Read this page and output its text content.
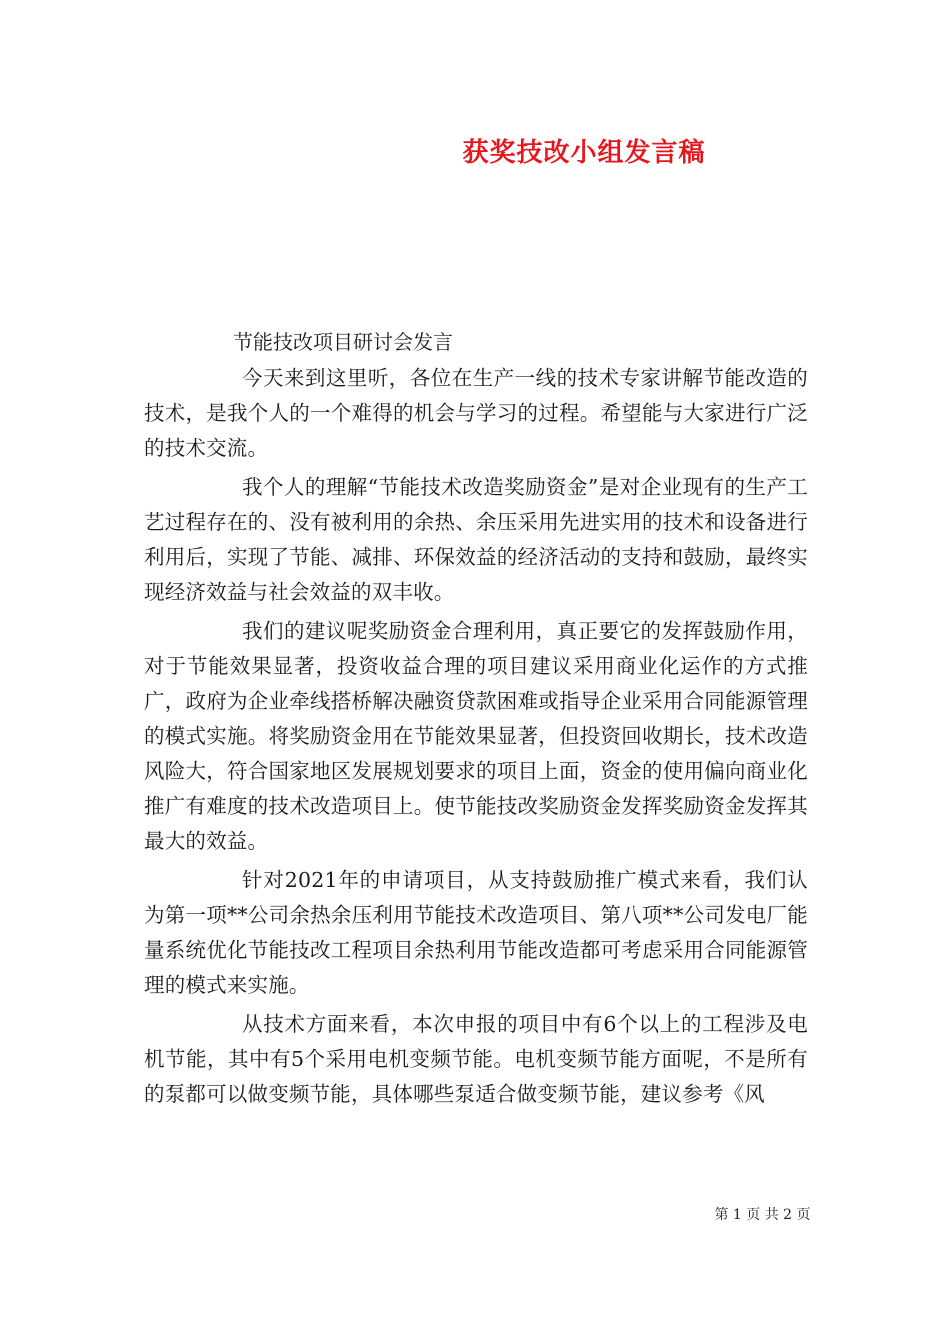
获奖技改小组发言稿

节能技改项目研讨会发言

今天来到这里听，各位在生产一线的技术专家讲解节能改造的技术，是我个人的一个难得的机会与学习的过程。希望能与大家进行广泛的技术交流。

我个人的理解“节能技术改造奖励资金”是对企业现有的生产工艺过程存在的、没有被利用的余热、余压采用先进实用的技术和设备进行利用后，实现了节能、减排、环保效益的经济活动的支持和鼓励，最终实现经济效益与社会效益的双丰收。

我们的建议呢奖励资金合理利用，真正要它的发挥鼓励作用，对于节能效果显著，投资收益合理的项目建议采用商业化运作的方式推广，政府为企业牵线搭桥解决融资贷款困难或指导企业采用合同能源管理的模式实施。将奖励资金用在节能效果显著，但投资回收期长，技术改造风险大，符合国家地区发展规划要求的项目上面，资金的使用偏向商业化推广有难度的技术改造项目上。使节能技改奖励资金发挥奖励资金发挥其最大的效益。

针对2021年的申请项目，从支持鼓励推广模式来看，我们认为第一项**公司余热余压利用节能技术改造项目、第八项**公司发电厂能量系统优化节能技改工程项目余热利用节能改造都可考虑采用合同能源管理的模式来实施。

从技术方面来看，本次申报的项目中有6个以上的工程涉及电机节能，其中有5个采用电机变频节能。电机变频节能方面呢，不是所有的泵都可以做变频节能，具体哪些泵适合做变频节能，建议参考《风

第 1 页 共 2 页
